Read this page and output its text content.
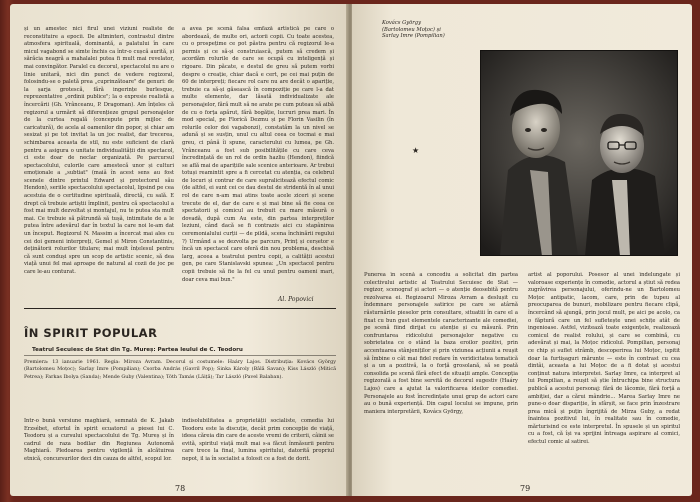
și un amestec nici firul unei viziuni realiste de reconstituire a epocii. De altminteri, contrastul dintre atmosfera spirituală, dominantă, a palatului în care micul vagabond se simte închis ca într-o cușcă aurită, și sărăcia neagră a mahalalei putea fi mult mai revelator, mai convingător. Paralel cu decorul, spectacolul nu are o linie unitară, nici din punct de vedere regizoral, folosindu-se o paletă prea „cuprinzătoare" de genuri: de la șarja grotescă, fără ingerințe burlesque, reprezentative „ordinii publice"; la o expresie realistă a încercării (Gh. Vrânceanu, P. Dragoman). Am înțeles că regizorul a urmărit să diferențieze grupul personajelor de la curtea regală (concepute prin mijloc de caricatură), de acela al oamenilor din popor, și chiar am sesizat și pe tot invitat la un joc realist, dar trecerea, schimbarea aceasta de stil, nu este suficient de clară pentru a asigura o unitate individualității din spectacol, ci este doar de neclar organizată. Pe parcursul spectacolului, culorile care amestecă unor și culturi emoționale a „subtiat" (maiâ în acest sens au fost scenele dintre printul Edward și protectorul său Hendon), seriile spectacolului spectacolul, lipsind pe cea acestuia de o certitudine spirituală, directă, cu sală. E drept că trebuie artiștii împlinit, pentru că spectacolul a fost mai mult dezvoltat și montajul, nu te putea sta mult mai. Ce trebuie să pătrundă să tușă, intimitate de a le putea între adevărul dar în textul la care noi le-am dat un început. Regizorul N. Massim a încercat mai ales cu cei doi gemeni interpreți, Gemel și Miron Constantinis, deținătorii rolurilor titulare; mai mult înțelesul pentru că sunt conduși spre un scop de artistic scenic, să dea viață unui fel mai aproape de natural al cozii de joc pe care le-au conturat.
a avea pe scenă falsa emfază artistică pe care o abordează, de multe ori, actorii copii. Cu toate acestea, cu o prospețime ce pot păstra pentru că regizorul le-a permis și ce să-și construiască, putem să credem și acordăm rolurile de care se ocupă cu inteligență și rigoare. Din păcate, e destul de greu să putem vorbi despre o creație, chiar dacă e cert, pe cei mai puțin de 60 de interpreți; fiecare rol care nu are decât o apariție, trebuie ca să-și găsească în compoziție pe care l-a dat multe elemente, dar lăsată individualizate ale personajelor, fără mult să ne arate pe cum puteau să aibă de cu o forța apărut, fără bogăție, lucruri prea mari. În mod special, pe Florică Dezmu și pe Florin Vasilin (în rolurile celor doi vagabonzi), constatăm la un nivel se adună și se susțin, unul cu altul ceea ce tocmai e mai greu, ci până îi spune, caracterului cu lumea, pe Gh. Vrânceanu a fost sub posibilitățile cu care ceva încredințată de un rol de ordin hazliu (Hendon), fiindcă se află mai de aparițiile sale scenice anterioare. Ar trebui totuși reamintit spre a fi cercetat cu atenția, ca celebrul de locuri și contrar de care supralicitează efectul comic (de altfel, ei sunt cei ce dau destul de stridentă în al unui rol de care n-am mai atins toate acele ziceri și scene trecute de el, dar de care e și mai bine să fie ceea ce spectatorii și comicul au trebuit cu mare măsură o dovadă, după cum Au este, din partea interpreților leziuni, când dacă se fi contrazis aici cu stapânirea ceremonialului curții — de pildă, scena închinării regului ?) Urmând a se dezvolta pe parcurs, Prinț și cerșetor e încă un spectacol care oferă din nou problema, deschisă larg, aceea a teatrului pentru copii, a calității acestui gen, pe care Stanislavski spunea: „Un spectacol pentru copii trebuie să fie la fel cu unul pentru oameni mari, doar ceva mai bun."
Al. Popovici
ÎN SPIRIT POPULAR
Teatrul Secuiesc de Stat din Tg. Mureș: Partea leului de C. Teodoru
Premiera: 13 ianuarie 1961. Regia: Miroza Avram. Decorul și costumele: Haáry Lajos. Distribuția: Kovács György (Bartolomeu Moțoc); Sarlay Imre (Pompilian); Csorba András (Gavril Pop); Sinka Károly (Bâlă Savan); Kiss László (Mitică Petrea); Farkas Ibolya (Sanda); Mende Guby (Valentina); Tóth Tamás (Lăiță); Tar László (Pavel Balaban).
Într-o bună versiune maghiară, semnată de K. Jakab Erzsébet, efortul în spirit ecuatorul a piesei lui C. Teodoru și a cursului spectacolului de Tg. Mureș și în cadrul de raza bodilar din Regiunea Autonomă Maghiară. Pledoarea pentru vigilență în alcătuirea etnică, concursurilor deci din cauza de altfel, scopul lor.
indisolubilitatea a proprietății socialiste, comedia lui Teodoru este la discuție, decât prim concepție de viață, ideea căreia din care de aceste vremi de criterii, câinii se evită, spiritul viață mult mai s-a făcut înmăsurii pentru care trece la final, lumina spiritului, datorită propriul nepot, il ia în socialist a folosit ce a fost de dorit.
78
Kovács György (Bartolomeu Moțoc) și Sarlay Imre (Pompilian)
★
Punerea în scenă a concediu a solicitat din partea colectivului artistic al Teatrului Secuiesc de Stat — regizor, scenograf și actori — o atenție deosebită pentru rezolvarea ei. Regizoarul Miroza Avram a deslușit cu îndemnare personajele satirice pe care se atârnă răsturnările pieselor prin consultare, situatiii în care el a fixat cu bun gust elementele caracterizante ale comediei, pe scenă fiind dirijat cu atenție și cu măsură. Prin confruntarea ridicolului personajelor negative cu sobrietatea ce o stând la baza eroilor pozitivi, prin accentuarea stânjeniților și prin viziunea acțiunii a reușit să îmbine o cât mai fidel redare în veridicitatea tematică și a un a pozitivă, la o forță grosolană, să se poată consolida pe scenă fără efect de situații ample. Concepția regizorală a fost bine servită de decorul sugestiv (Haáry Lajos) care a ajutat la valorificarea ideilor comediei. Personajele au fost încredințate unui grup de actori care au o bună experiență. Din capul locului se impune, prin maniera interpretării, Kovács György,
artist al poporului. Posesor al unei îndelungate și valoroase experiențe în comedie, actorul a știut să redea zugrăvirea personajului, oferindu-ne un Bartolomeu Moțoc antipatic, lacom, care, prin de tupeu al preocuparea de bunuri, mobilizare pentru fiecare clipă, încercând să ajungă, prin jocul mult, pe aici pe acolo, ca o făptură care un fel sufletește unei schițe atât de ingenioase. Astfel, vizitează toate exigențele, realizează comicul de realist rolului, și care se combină, cu adevărat și mai, la Moțoc ridicolul. Pompilian, personaj ce chip și suflet strâmb, descoperirea lui Moțoc, ispitit doar la furtișaguri mărunte — este în contrast cu cea dintâi, aceasta a lui Moțoc de a fi dotat și acestui conținut natura interpretei. Sarlay Imre, ca interpret al lui Pompilian, a reușit să știe întruchipa bine structura publică a acestui personaj: fără de lăcomie, fără forță a ambiției, dar a cărui mândrie... Marea Sarlay Imre ne pune-o doar dispariție, în sfârșit, se face prin înzestrare prea mică și puțin îngrijită de Mirza Guby, a redat înaintea pozitivul lui, în realitate sau în comedie, mărturisind ce este interpretul. În spusele și un spiritul cu a fost, că își va sprijini întreaga aspirare al comici, efectul comic al satirei.
79
